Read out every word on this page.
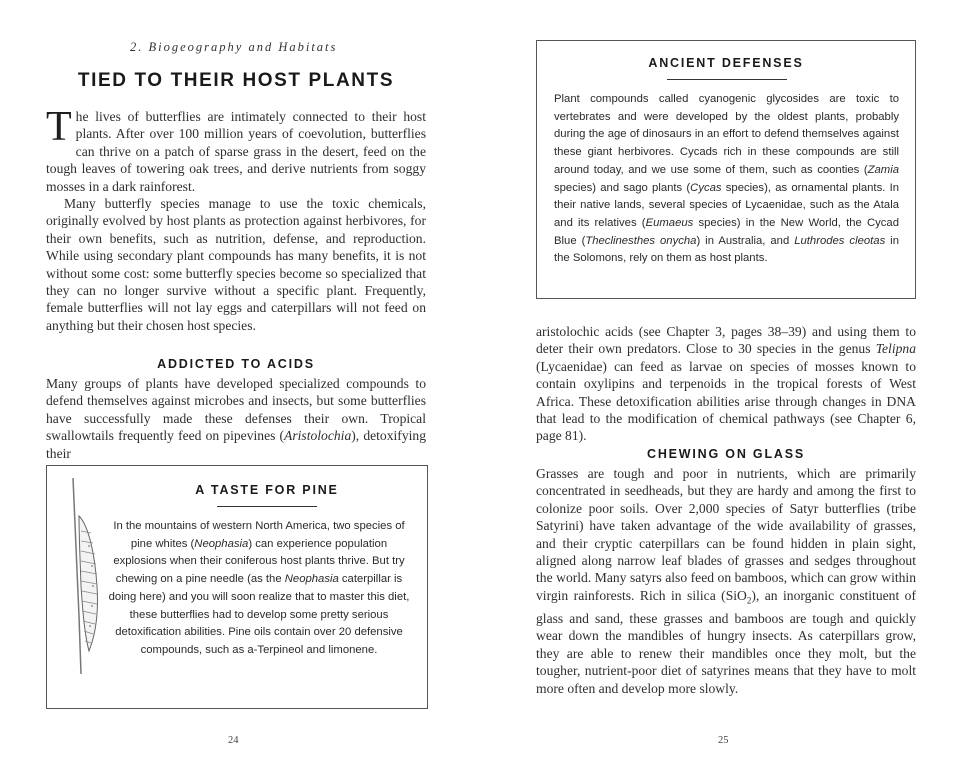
2. Biogeography and Habitats
TIED TO THEIR HOST PLANTS

The lives of butterflies are intimately connected to their host plants. After over 100 million years of coevolution, butterflies can thrive on a patch of sparse grass in the desert, feed on the tough leaves of towering oak trees, and derive nutrients from soggy mosses in a dark rainforest.

Many butterfly species manage to use the toxic chemicals, originally evolved by host plants as protection against herbivores, for their own benefits, such as nutrition, defense, and reproduction. While using secondary plant compounds has many benefits, it is not without some cost: some butterfly species become so specialized that they can no longer survive without a specific plant. Frequently, female butterflies will not lay eggs and caterpillars will not feed on anything but their chosen host species.

ADDICTED TO ACIDS

Many groups of plants have developed specialized compounds to defend themselves against microbes and insects, but some butterflies have successfully made these defenses their own. Tropical swallowtails frequently feed on pipevines (Aristolochia), detoxifying their

A TASTE FOR PINE
In the mountains of western North America, two species of pine whites (Neophasia) can experience population explosions when their coniferous host plants thrive. But try chewing on a pine needle (as the Neophasia caterpillar is doing here) and you will soon realize that to master this diet, these butterflies had to develop some pretty serious detoxification abilities. Pine oils contain over 20 defensive compounds, such as a-Terpineol and limonene.
24
ANCIENT DEFENSES
Plant compounds called cyanogenic glycosides are toxic to vertebrates and were developed by the oldest plants, probably during the age of dinosaurs in an effort to defend themselves against these giant herbivores. Cycads rich in these compounds are still around today, and we use some of them, such as coonties (Zamia species) and sago plants (Cycas species), as ornamental plants. In their native lands, several species of Lycaenidae, such as the Atala and its relatives (Eumaeus species) in the New World, the Cycad Blue (Theclinesthes onycha) in Australia, and Luthrodes cleotas in the Solomons, rely on them as host plants.

aristolochic acids (see Chapter 3, pages 38–39) and using them to deter their own predators. Close to 30 species in the genus Telipna (Lycaenidae) can feed as larvae on species of mosses known to contain oxylipins and terpenoids in the tropical forests of West Africa. These detoxification abilities arise through changes in DNA that lead to the modification of chemical pathways (see Chapter 6, page 81).

CHEWING ON GLASS

Grasses are tough and poor in nutrients, which are primarily concentrated in seedheads, but they are hardy and among the first to colonize poor soils. Over 2,000 species of Satyr butterflies (tribe Satyrini) have taken advantage of the wide availability of grasses, and their cryptic caterpillars can be found hidden in plain sight, aligned along narrow leaf blades of grasses and sedges throughout the world. Many satyrs also feed on bamboos, which can grow within virgin rainforests. Rich in silica (SiO$_2$), an inorganic constituent of glass and sand, these grasses and bamboos are tough and quickly wear down the mandibles of hungry insects. As caterpillars grow, they are able to renew their mandibles once they molt, but the tougher, nutrient-poor diet of satyrines means that they have to molt more often and develop more slowly.

25
